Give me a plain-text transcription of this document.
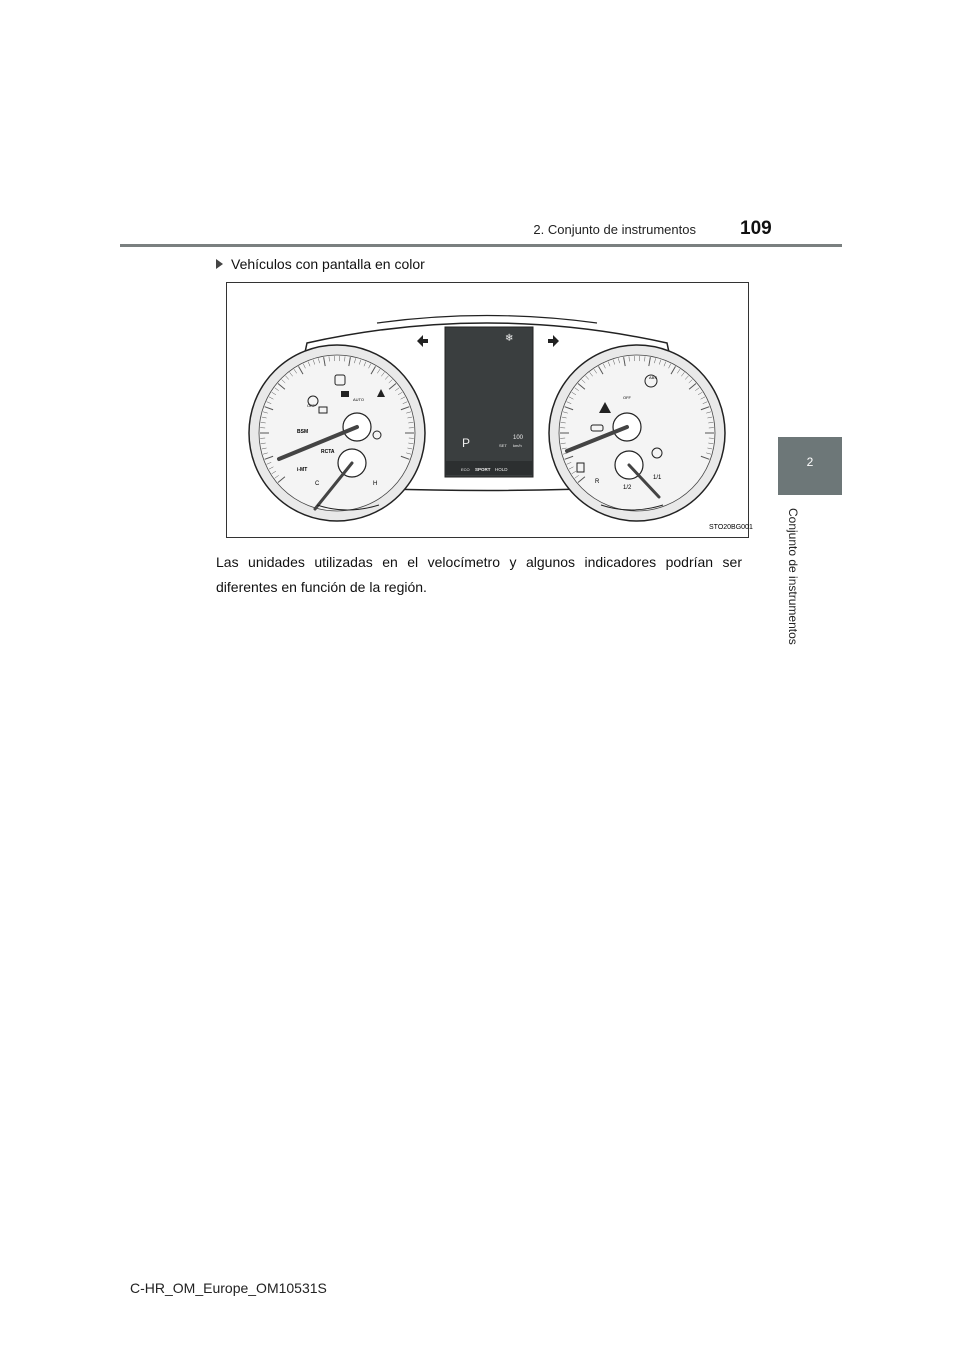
2. Conjunto de instrumentos 109
2
Conjunto de instrumentos
Vehículos con pantalla en color
BSM
RCTA
i-MT
OFF
AUTO
C	H
❄
P	100
SET km/h
ECO SPORT HOLD
R
1/2
1/1
ABS
OFF
STO20BG001
Las unidades utilizadas en el velocímetro y algunos indicadores podrían ser diferentes en función de la región.
C-HR_OM_Europe_OM10531S
